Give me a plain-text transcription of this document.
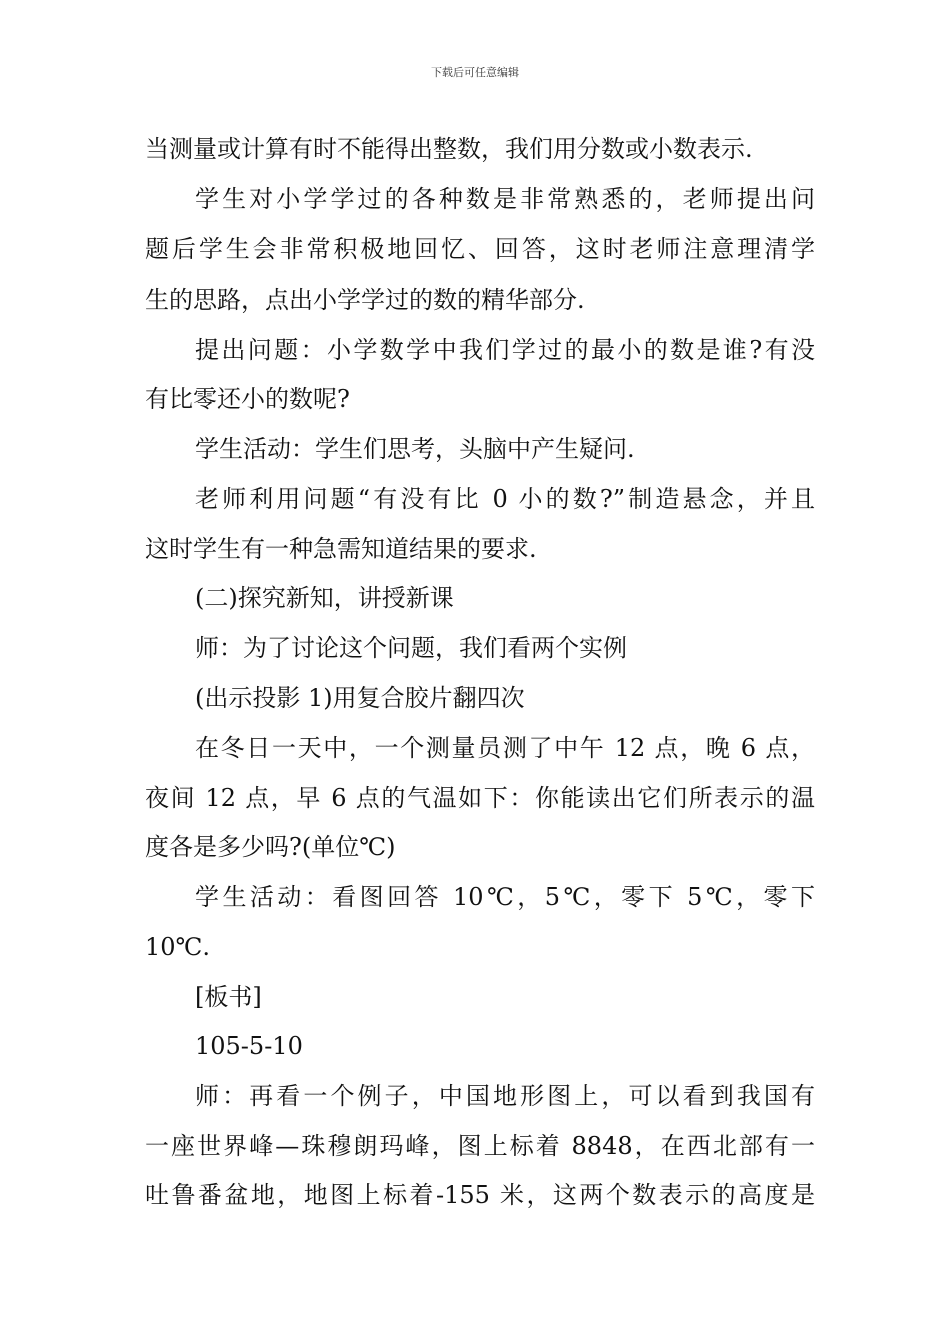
下载后可任意编辑
当测量或计算有时不能得出整数，我们用分数或小数表示.
学生对小学学过的各种数是非常熟悉的，老师提出问
题后学生会非常积极地回忆、回答，这时老师注意理清学
生的思路，点出小学学过的数的精华部分.
提出问题：小学数学中我们学过的最小的数是谁?有没
有比零还小的数呢?
学生活动：学生们思考，头脑中产生疑问.
老师利用问题“有没有比 0 小的数?”制造悬念，并且
这时学生有一种急需知道结果的要求.
(二)探究新知，讲授新课
师：为了讨论这个问题，我们看两个实例
(出示投影 1)用复合胶片翻四次
在冬日一天中，一个测量员测了中午 12 点，晚 6 点，
夜间 12 点，早 6 点的气温如下：你能读出它们所表示的温
度各是多少吗?(单位℃)
学生活动：看图回答 10℃，5℃，零下 5℃，零下
10℃.
[板书]
105-5-10
师：再看一个例子，中国地形图上，可以看到我国有
一座世界峰—珠穆朗玛峰，图上标着 8848，在西北部有一
吐鲁番盆地，地图上标着-155 米，这两个数表示的高度是
